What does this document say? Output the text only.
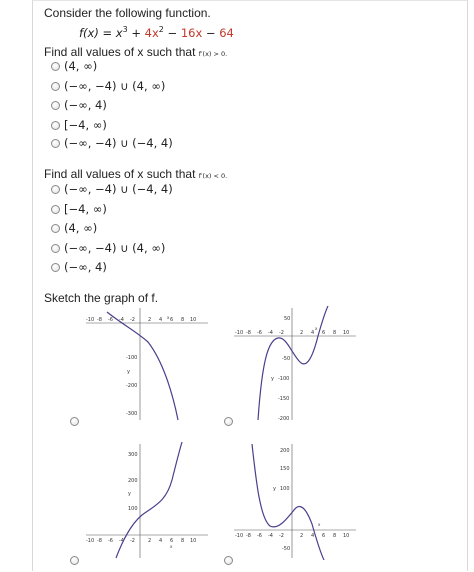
Consider the following function.
$f(x) = x^3 + 4x^2 - 16x - 64$
Find all values of x such that f′(x) > 0.
(4, ∞)
(−∞, −4) ∪ (4, ∞)
(−∞, 4)
[−4, ∞)
(−∞, −4) ∪ (−4, 4)
Find all values of x such that f′(x) < 0.
(−∞, −4) ∪ (−4, 4)
[−4, ∞)
(4, ∞)
(−∞, −4) ∪ (4, ∞)
(−∞, 4)
Sketch the graph of f.
-10 -8 -6 -4 -2	2 4 6 8 10
x
-100
-200
-300
y
-10 -8 -6 -4 -2	2 4 6 8 10
x
50
-50
-100
-150
-200
y
-10 -8 -6 -4 -2	2 4 6 8 10
x
300
200
100
y
-10 -8 -6 -4 -2	2 4 6 8 10
x
200
150
100
-50
y
